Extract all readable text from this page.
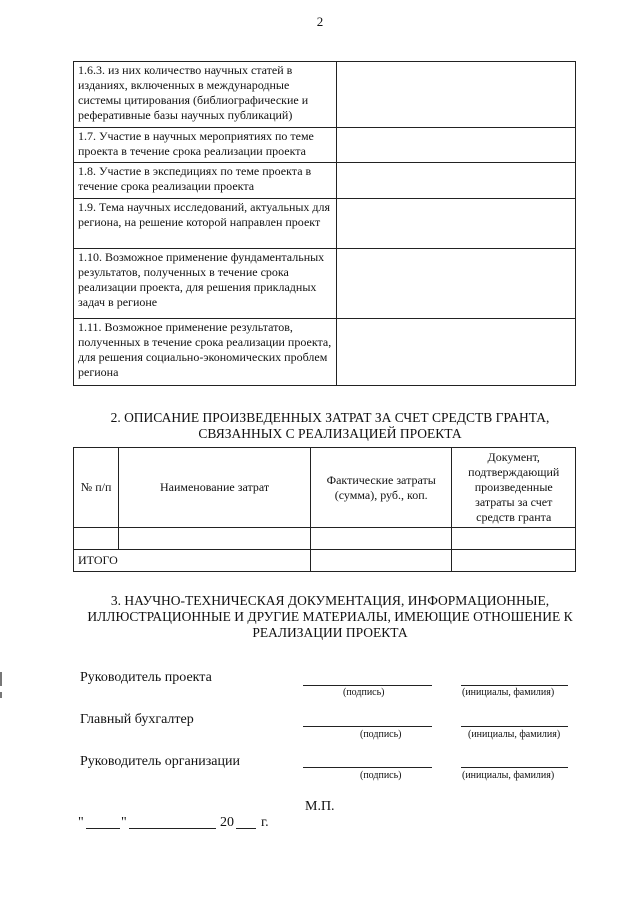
2
1.6.3. из них количество научных статей в изданиях, включенных в международные системы цитирования (библиографические и реферативные базы научных публикаций)	
1.7. Участие в научных мероприятиях по теме проекта в течение срока реализации проекта	
1.8. Участие в экспедициях по теме проекта в течение срока реализации проекта	
1.9. Тема научных исследований, актуальных для региона, на решение которой направлен проект	
1.10. Возможное применение фундаментальных результатов, полученных в течение срока реализации проекта, для решения прикладных задач в регионе	
1.11. Возможное применение результатов, полученных в течение срока реализации проекта, для решения социально-экономических проблем региона	
2. ОПИСАНИЕ ПРОИЗВЕДЕННЫХ ЗАТРАТ ЗА СЧЕТ СРЕДСТВ ГРАНТА,
СВЯЗАННЫХ С РЕАЛИЗАЦИЕЙ ПРОЕКТА
№ п/п	Наименование затрат	Фактические затраты (сумма), руб., коп.	Документ, подтверждающий произведенные затраты за счет средств гранта

ИТОГО			
3. НАУЧНО-ТЕХНИЧЕСКАЯ ДОКУМЕНТАЦИЯ, ИНФОРМАЦИОННЫЕ,
ИЛЛЮСТРАЦИОННЫЕ И ДРУГИЕ МАТЕРИАЛЫ, ИМЕЮЩИЕ ОТНОШЕНИЕ К
РЕАЛИЗАЦИИ ПРОЕКТА
Руководитель проекта
(подпись)	(инициалы, фамилия)
Главный бухгалтер
(подпись)	(инициалы, фамилия)
Руководитель организации
(подпись)	(инициалы, фамилия)
М.П.
"	"	20 г.
